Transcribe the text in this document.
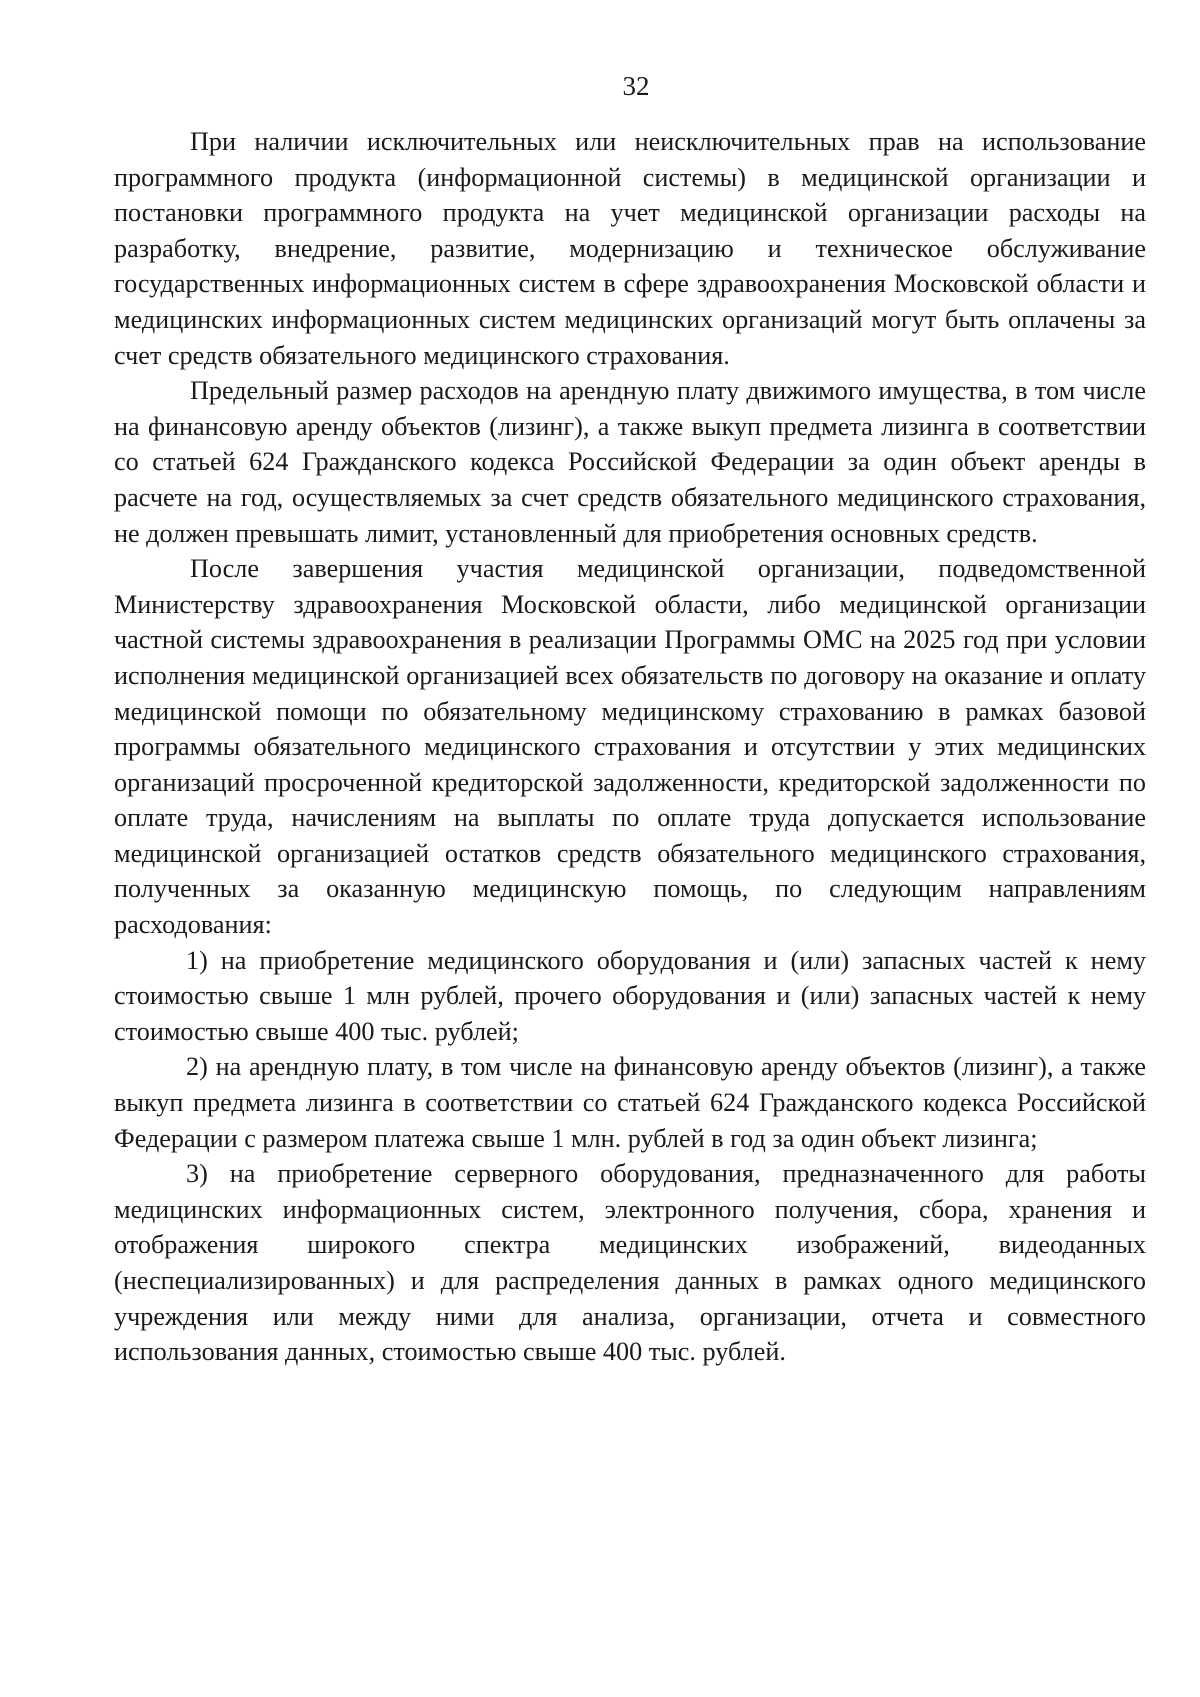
32

При наличии исключительных или неисключительных прав на использование программного продукта (информационной системы) в медицинской организации и постановки программного продукта на учет медицинской организации расходы на разработку, внедрение, развитие, модернизацию и техническое обслуживание государственных информационных систем в сфере здравоохранения Московской области и медицинских информационных систем медицинских организаций могут быть оплачены за счет средств обязательного медицинского страхования.

Предельный размер расходов на арендную плату движимого имущества, в том числе на финансовую аренду объектов (лизинг), а также выкуп предмета лизинга в соответствии со статьей 624 Гражданского кодекса Российской Федерации за один объект аренды в расчете на год, осуществляемых за счет средств обязательного медицинского страхования, не должен превышать лимит, установленный для приобретения основных средств.

После завершения участия медицинской организации, подведомственной Министерству здравоохранения Московской области, либо медицинской организации частной системы здравоохранения в реализации Программы ОМС на 2025 год при условии исполнения медицинской организацией всех обязательств по договору на оказание и оплату медицинской помощи по обязательному медицинскому страхованию в рамках базовой программы обязательного медицинского страхования и отсутствии у этих медицинских организаций просроченной кредиторской задолженности, кредиторской задолженности по оплате труда, начислениям на выплаты по оплате труда допускается использование медицинской организацией остатков средств обязательного медицинского страхования, полученных за оказанную медицинскую помощь, по следующим направлениям расходования:

1) на приобретение медицинского оборудования и (или) запасных частей к нему стоимостью свыше 1 млн рублей, прочего оборудования и (или) запасных частей к нему стоимостью свыше 400 тыс. рублей;

2) на арендную плату, в том числе на финансовую аренду объектов (лизинг), а также выкуп предмета лизинга в соответствии со статьей 624 Гражданского кодекса Российской Федерации с размером платежа свыше 1 млн. рублей в год за один объект лизинга;

3) на приобретение серверного оборудования, предназначенного для работы медицинских информационных систем, электронного получения, сбора, хранения и отображения широкого спектра медицинских изображений, видеоданных (неспециализированных) и для распределения данных в рамках одного медицинского учреждения или между ними для анализа, организации, отчета и совместного использования данных, стоимостью свыше 400 тыс. рублей.
